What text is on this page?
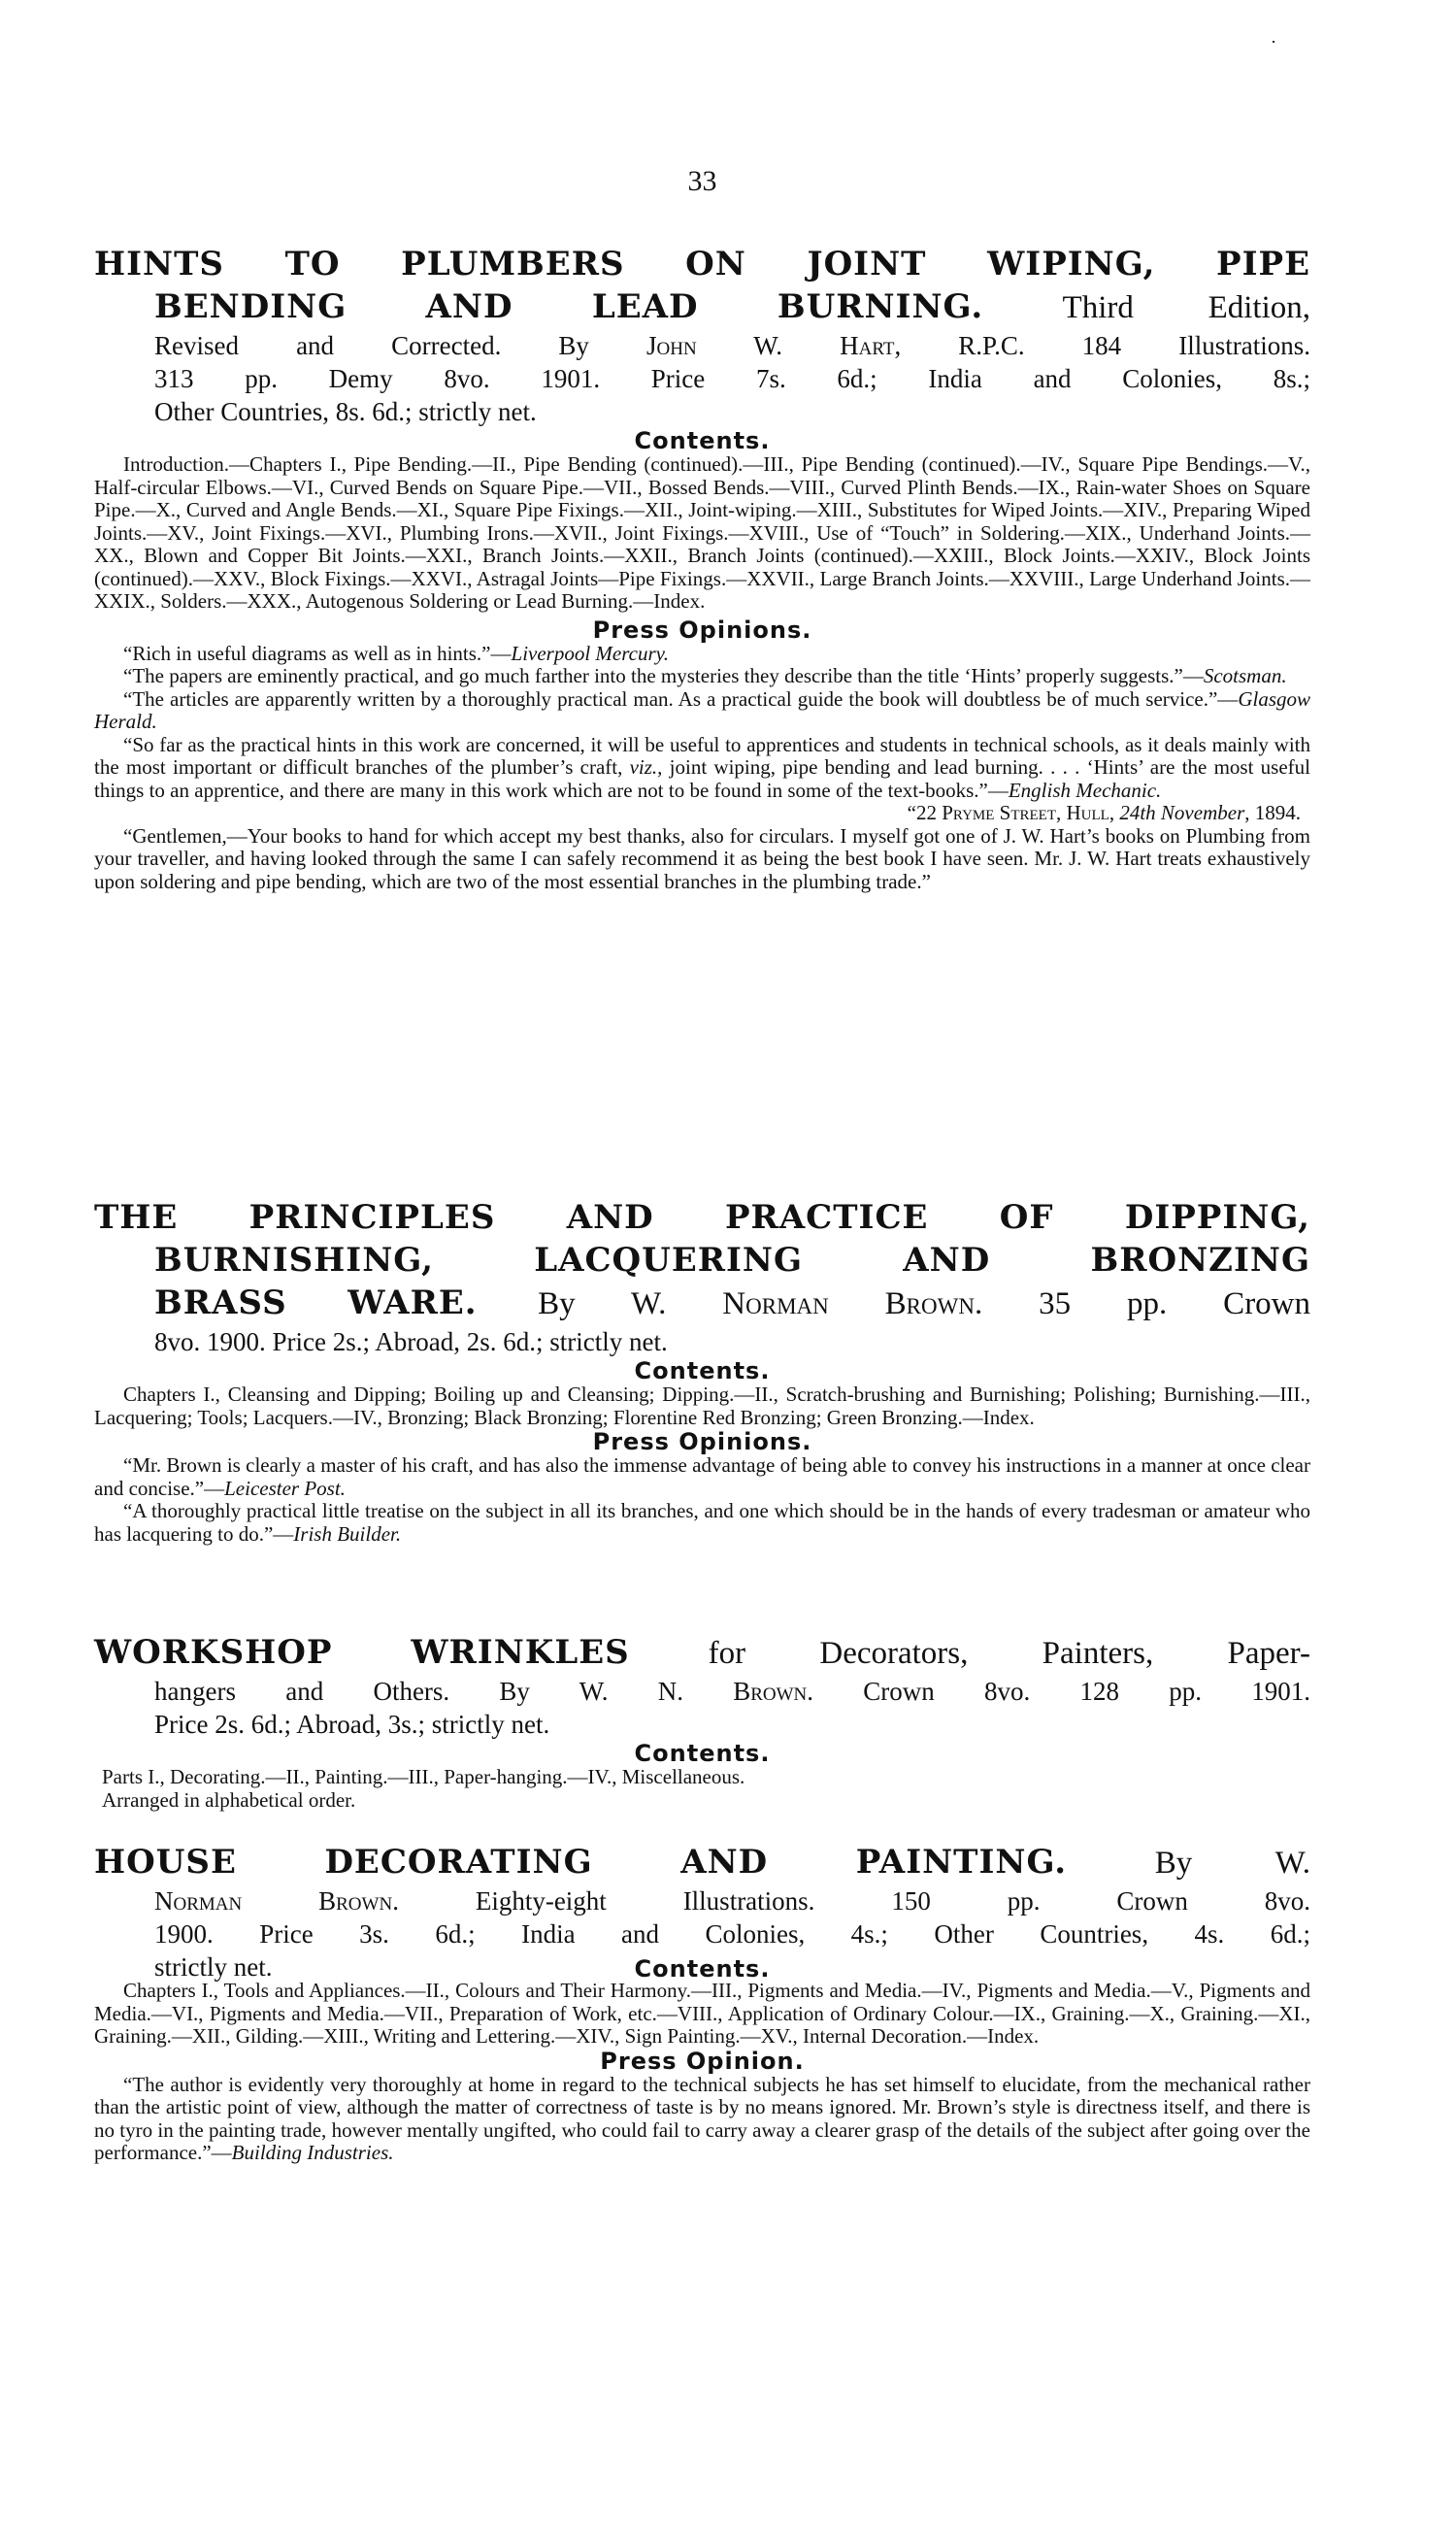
33
HINTS TO PLUMBERS ON JOINT WIPING, PIPE
BENDING AND LEAD BURNING. Third Edition,
Revised and Corrected. By John W. Hart, R.P.C. 184 Illustrations.
313 pp. Demy 8vo. 1901. Price 7s. 6d.; India and Colonies, 8s.;
Other Countries, 8s. 6d.; strictly net.
Contents.

Introduction.—Chapters I., Pipe Bending.—II., Pipe Bending (continued).—III., Pipe Bending (continued).—IV., Square Pipe Bendings.—V., Half-circular Elbows.—VI., Curved Bends on Square Pipe.—VII., Bossed Bends.—VIII., Curved Plinth Bends.—IX., Rain-water Shoes on Square Pipe.—X., Curved and Angle Bends.—XI., Square Pipe Fixings.—XII., Joint-wiping.—XIII., Substitutes for Wiped Joints.—XIV., Preparing Wiped Joints.—XV., Joint Fixings.—XVI., Plumbing Irons.—XVII., Joint Fixings.—XVIII., Use of “Touch” in Soldering.—XIX., Underhand Joints.—XX., Blown and Copper Bit Joints.—XXI., Branch Joints.—XXII., Branch Joints (continued).—XXIII., Block Joints.—XXIV., Block Joints (continued).—XXV., Block Fixings.—XXVI., Astragal Joints—Pipe Fixings.—XXVII., Large Branch Joints.—XXVIII., Large Underhand Joints.—XXIX., Solders.—XXX., Autogenous Soldering or Lead Burning.—Index.

Press Opinions.

“Rich in useful diagrams as well as in hints.”—Liverpool Mercury.

“The papers are eminently practical, and go much farther into the mysteries they describe than the title ‘Hints’ properly suggests.”—Scotsman.

“The articles are apparently written by a thoroughly practical man. As a practical guide the book will doubtless be of much service.”—Glasgow Herald.

“So far as the practical hints in this work are concerned, it will be useful to apprentices and students in technical schools, as it deals mainly with the most important or difficult branches of the plumber’s craft, viz., joint wiping, pipe bending and lead burning. . . . ‘Hints’ are the most useful things to an apprentice, and there are many in this work which are not to be found in some of the text-books.”—English Mechanic.

“22 Pryme Street, Hull, 24th November, 1894.

“Gentlemen,—Your books to hand for which accept my best thanks, also for circulars. I myself got one of J. W. Hart’s books on Plumbing from your traveller, and having looked through the same I can safely recommend it as being the best book I have seen. Mr. J. W. Hart treats exhaustively upon soldering and pipe bending, which are two of the most essential branches in the plumbing trade.”

THE PRINCIPLES AND PRACTICE OF DIPPING,
BURNISHING, LACQUERING AND BRONZING
BRASS WARE. By W. Norman Brown. 35 pp. Crown
8vo. 1900. Price 2s.; Abroad, 2s. 6d.; strictly net.
Contents.

Chapters I., Cleansing and Dipping; Boiling up and Cleansing; Dipping.—II., Scratch-brushing and Burnishing; Polishing; Burnishing.—III., Lacquering; Tools; Lacquers.—IV., Bronzing; Black Bronzing; Florentine Red Bronzing; Green Bronzing.—Index.

Press Opinions.

“Mr. Brown is clearly a master of his craft, and has also the immense advantage of being able to convey his instructions in a manner at once clear and concise.”—Leicester Post.

“A thoroughly practical little treatise on the subject in all its branches, and one which should be in the hands of every tradesman or amateur who has lacquering to do.”—Irish Builder.

WORKSHOP WRINKLES for Decorators, Painters, Paper-
hangers and Others. By W. N. Brown. Crown 8vo. 128 pp. 1901.
Price 2s. 6d.; Abroad, 3s.; strictly net.
Contents.

Parts I., Decorating.—II., Painting.—III., Paper-hanging.—IV., Miscellaneous.

Arranged in alphabetical order.

HOUSE DECORATING AND PAINTING.	By W.
Norman Brown. Eighty-eight Illustrations. 150 pp. Crown 8vo.
1900. Price 3s. 6d.; India and Colonies, 4s.; Other Countries, 4s. 6d.;
strictly net.	Contents.

Chapters I., Tools and Appliances.—II., Colours and Their Harmony.—III., Pigments and Media.—IV., Pigments and Media.—V., Pigments and Media.—VI., Pigments and Media.—VII., Preparation of Work, etc.—VIII., Application of Ordinary Colour.—IX., Graining.—X., Graining.—XI., Graining.—XII., Gilding.—XIII., Writing and Lettering.—XIV., Sign Painting.—XV., Internal Decoration.—Index.

Press Opinion.

“The author is evidently very thoroughly at home in regard to the technical subjects he has set himself to elucidate, from the mechanical rather than the artistic point of view, although the matter of correctness of taste is by no means ignored. Mr. Brown’s style is directness itself, and there is no tyro in the painting trade, however mentally ungifted, who could fail to carry away a clearer grasp of the details of the subject after going over the performance.”—Building Industries.
